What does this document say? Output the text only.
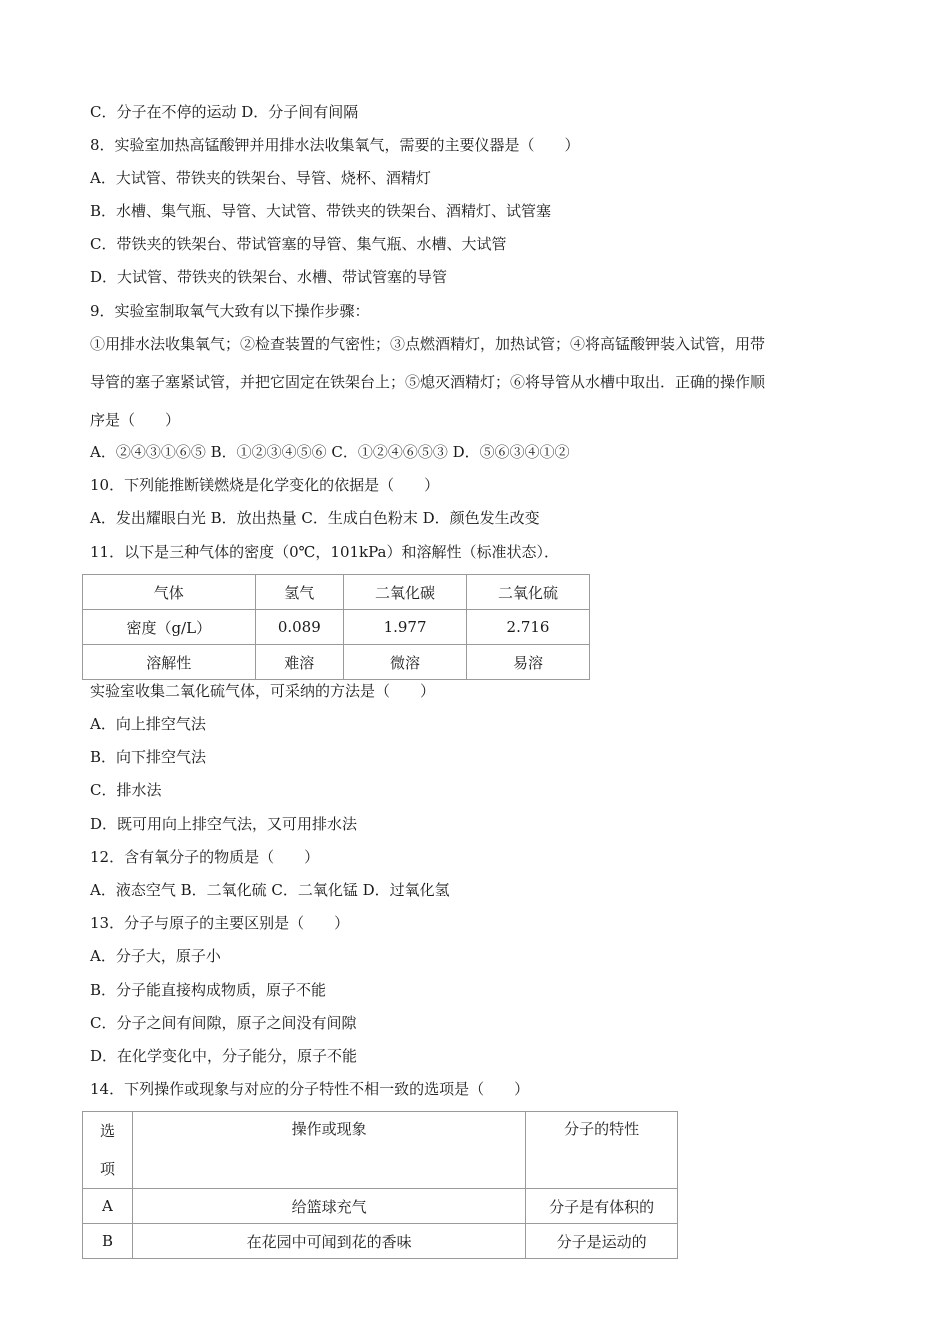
C．分子在不停的运动 D．分子间有间隔
8．实验室加热高锰酸钾并用排水法收集氧气，需要的主要仪器是（　　）
A．大试管、带铁夹的铁架台、导管、烧杯、酒精灯
B．水槽、集气瓶、导管、大试管、带铁夹的铁架台、酒精灯、试管塞
C．带铁夹的铁架台、带试管塞的导管、集气瓶、水槽、大试管
D．大试管、带铁夹的铁架台、水槽、带试管塞的导管
9．实验室制取氧气大致有以下操作步骤：
①用排水法收集氧气；②检查装置的气密性；③点燃酒精灯，加热试管；④将高锰酸钾装入试管，用带
导管的塞子塞紧试管，并把它固定在铁架台上；⑤熄灭酒精灯；⑥将导管从水槽中取出．正确的操作顺
序是（　　）
A．②④③①⑥⑤ B．①②③④⑤⑥ C．①②④⑥⑤③ D．⑤⑥③④①②
10．下列能推断镁燃烧是化学变化的依据是（　　）
A．发出耀眼白光 B．放出热量 C．生成白色粉末 D．颜色发生改变
11．以下是三种气体的密度（0℃，101kPa）和溶解性（标准状态）．
气体	氢气	二氧化碳	二氧化硫
密度（g/L）	0.089	1.977	2.716
溶解性	难溶	微溶	易溶
实验室收集二氧化硫气体，可采纳的方法是（　　）
A．向上排空气法
B．向下排空气法
C．排水法
D．既可用向上排空气法，又可用排水法
12．含有氧分子的物质是（　　）
A．液态空气 B．二氧化硫 C．二氧化锰 D．过氧化氢
13．分子与原子的主要区别是（　　）
A．分子大，原子小
B．分子能直接构成物质，原子不能
C．分子之间有间隙，原子之间没有间隙
D．在化学变化中，分子能分，原子不能
14．下列操作或现象与对应的分子特性不相一致的选项是（　　）
选
项	操作或现象	分子的特性

A	给篮球充气	分子是有体积的
B	在花园中可闻到花的香味	分子是运动的
